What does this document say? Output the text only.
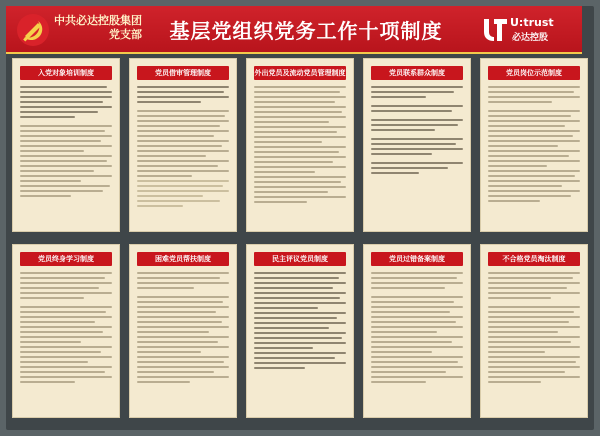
中共必达控股集团
党支部	基层党组织党务工作十项制度	U:trust
必达控股
入党对象培训制度	党员借审管理制度	外出党员及流动党员管理制度	党员联系群众制度	党员岗位示范制度
党员终身学习制度	困难党员帮扶制度	民主评议党员制度	党员过错备案制度	不合格党员淘汰制度
